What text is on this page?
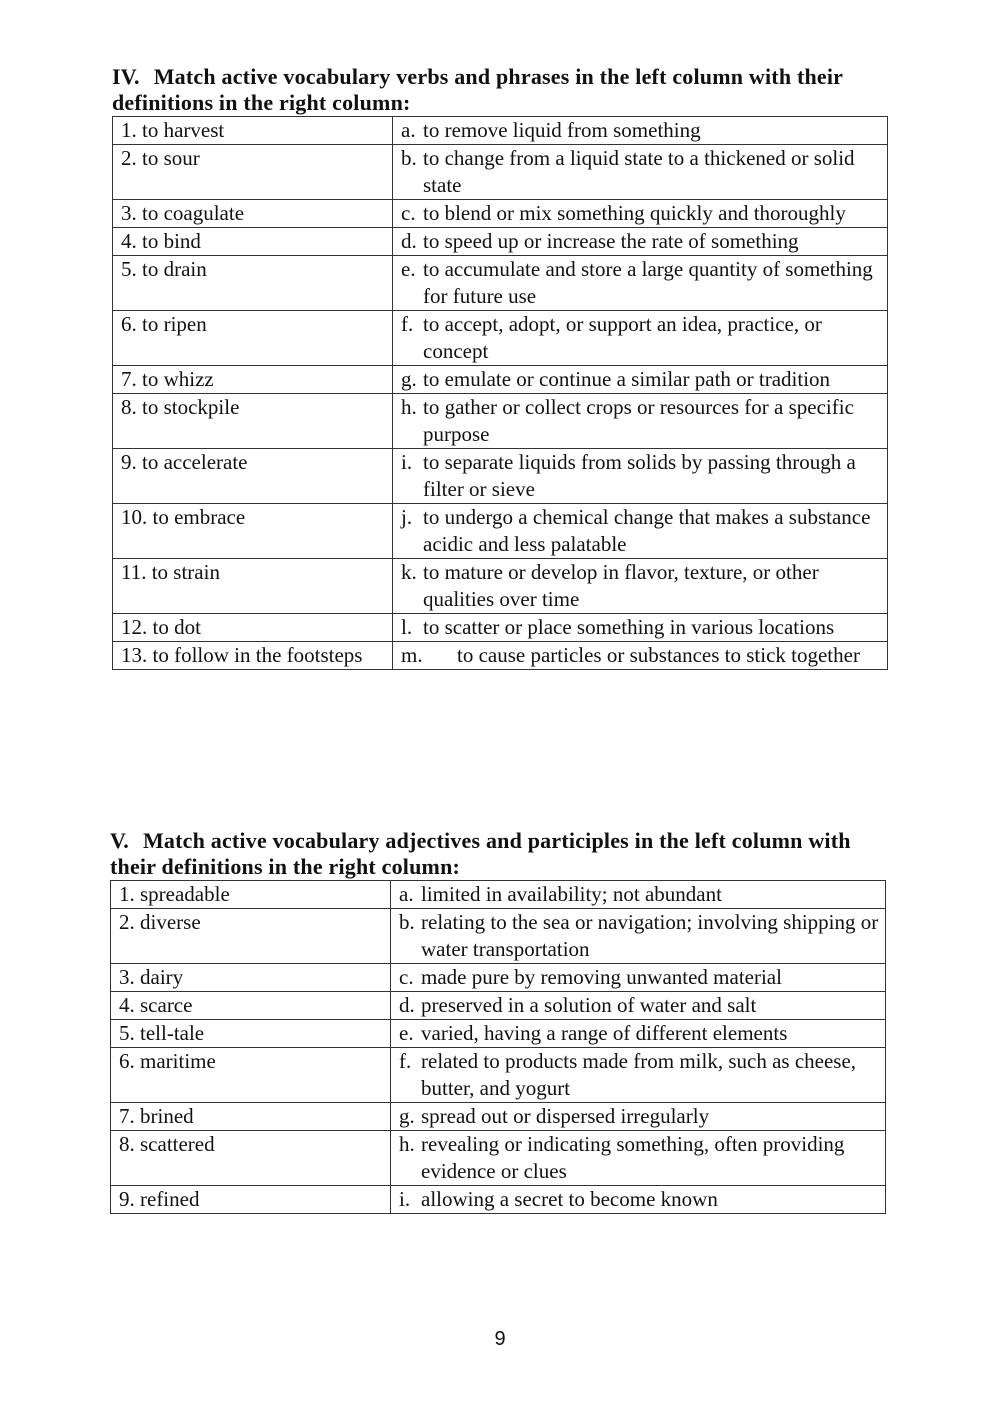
IV. Match active vocabulary verbs and phrases in the left column with their definitions in the right column:

1. to harvest	a. to remove liquid from something

2. to sour	b. to change from a liquid state to a thickened or solid state

3. to coagulate	c. to blend or mix something quickly and thoroughly

4. to bind	d. to speed up or increase the rate of something

5. to drain	e. to accumulate and store a large quantity of something for future use

6. to ripen	f. to accept, adopt, or support an idea, practice, or concept

7. to whizz	g. to emulate or continue a similar path or tradition

8. to stockpile	h. to gather or collect crops or resources for a specific purpose

9. to accelerate	i. to separate liquids from solids by passing through a filter or sieve

10. to embrace	j. to undergo a chemical change that makes a substance acidic and less palatable

11. to strain	k. to mature or develop in flavor, texture, or other qualities over time

12. to dot	l. to scatter or place something in various locations

13. to follow in the footsteps	m. to cause particles or substances to stick together

V. Match active vocabulary adjectives and participles in the left column with their definitions in the right column:

1. spreadable	a. limited in availability; not abundant

2. diverse	b. relating to the sea or navigation; involving shipping or water transportation

3. dairy	c. made pure by removing unwanted material

4. scarce	d. preserved in a solution of water and salt

5. tell-tale	e. varied, having a range of different elements

6. maritime	f. related to products made from milk, such as cheese, butter, and yogurt

7. brined	g. spread out or dispersed irregularly

8. scattered	h. revealing or indicating something, often providing evidence or clues

9. refined	i. allowing a secret to become known
9
